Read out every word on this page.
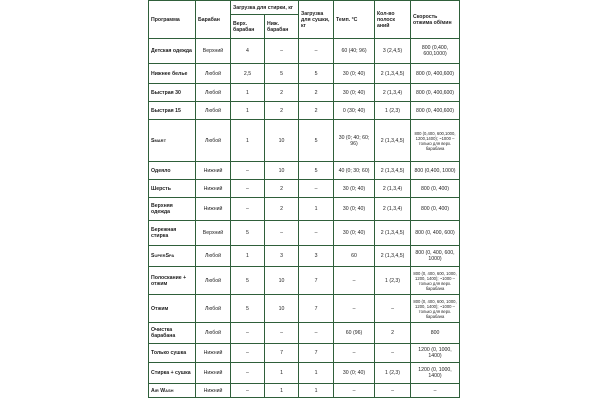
Программа	Барабан	Загрузка для стирки, кг		Загрузка для сушки, кг	Темп. °С	Кол-во полоск аний	Скорость отжима об/мин
		Верх. барабан	Ниж. барабан				
Детская одежда	Верхний	4	–	–	60 (40; 96)	3 (2,4,5)	800 (0,400, 600,1000)
Нижнее белье	Любой	2,5	5	5	30 (0; 40)	2 (1,3,4,5)	800 (0, 400,600)
Быстрая 30	Любой	1	2	2	30 (0; 40)	2 (1,3,4)	800 (0, 400,600)
Быстрая 15	Любой	1	2	2	0 (30; 40)	1 (2,3)	800 (0, 400,600)
Smart	Любой	1	10	5	30 (0; 40; 60; 96)	2 (1,3,4,5)	800 (0,400, 600,1000, 1200,1400); ~1000 – только для верх. барабана
Одеяло	Нижний	–	10	5	40 (0; 30; 60)	2 (1,3,4,5)	800 (0,400, 1000)
Шерсть	Нижний	–	2	–	30 (0; 40)	2 (1,3,4)	800 (0, 400)
Верхняя одежда	Нижний	–	2	1	30 (0; 40)	2 (1,3,4)	800 (0, 400)
Бережная стирка	Верхний	5	–	–	30 (0; 40)	2 (1,3,4,5)	800 (0, 400, 600)
SuperSpa	Любой	1	3	3	60	2 (1,3,4,5)	800 (0, 400, 600, 1000)
Полоскание + отжим	Любой	5	10	7	–	1 (2,3)	800 (0, 400, 600, 1000, 1200, 1400); ~1000 – только для верх. барабана
Отжим	Любой	5	10	7	–	–	800 (0, 400, 600, 1000, 1200, 1400); ~1000 – только для верх. барабана
Очистка барабана	Любой	–	–	–	60 (96)	2	800
Только сушка	Нижний	–	7	7	–	–	1200 (0, 1000, 1400)
Стирка + сушка	Нижний	–	1	1	30 (0; 40)	1 (2,3)	1200 (0, 1000, 1400)
Air Wash	Нижний	–	1	1	–	–	–
